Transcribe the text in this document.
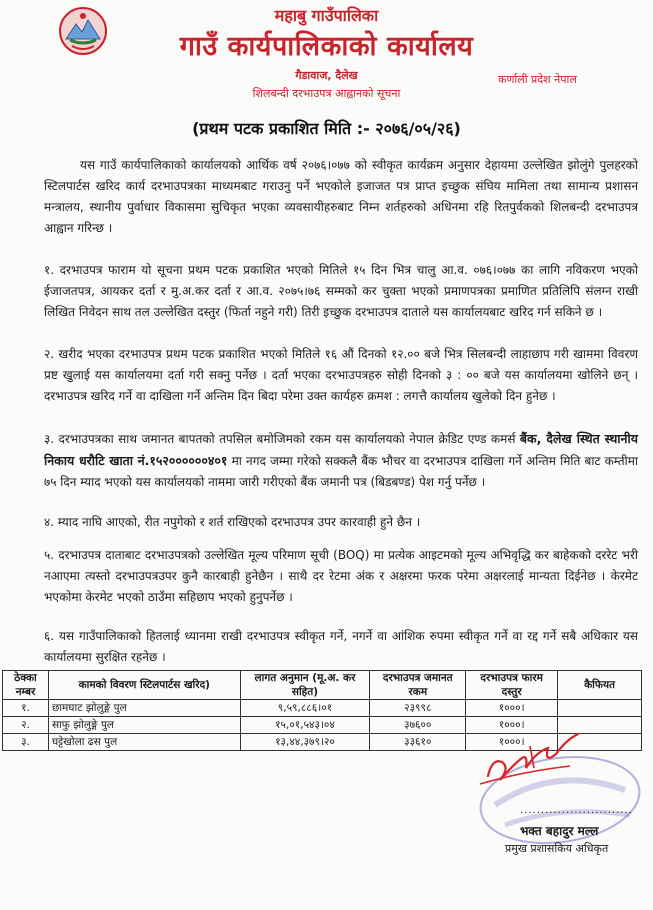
महाबु गाउँपालिका
गाउँ कार्यपालिकाको कार्यालय
गैडावाज, दैलेख	कर्णाली प्रदेश नेपाल
शिलबन्दी दरभाउपत्र आह्वानको सूचना
(प्रथम पटक प्रकाशित मिति :- २०७६/०५/२६)
यस गाउँ कार्यपालिकाको कार्यालयको आर्थिक वर्ष २०७६।०७७ को स्वीकृत कार्यक्रम अनुसार देहायमा उल्लेखित झोलुंगे पुलहरको स्टिलपार्टस खरिद कार्य दरभाउपत्रका माध्यमबाट गराउनु पर्ने भएकोले इजाजत पत्र प्राप्त इच्छुक संघिय मामिला तथा सामान्य प्रशासन मन्त्रालय, स्थानीय पुर्वाधार विकासमा सुचिकृत भएका व्यवसायीहरुबाट निम्न शर्तहरुको अधिनमा रहि रितपुर्वकको शिलबन्दी दरभाउपत्र आह्वान गरिन्छ ।
१. दरभाउपत्र फाराम यो सूचना प्रथम पटक प्रकाशित भएको मितिले १५ दिन भित्र चालु आ.व. ०७६।०७७ का लागि नविकरण भएको ईजाजतपत्र, आयकर दर्ता र मु.अ.कर दर्ता र आ.व. २०७५।७६ सम्मको कर चुक्ता भएको प्रमाणपत्रका प्रमाणित प्रतिलिपि संलग्न राखी लिखित निवेदन साथ तल उल्लेखित दस्तुर (फिर्ता नहुने गरी) तिरी इच्छुक दरभाउपत्र दाताले यस कार्यालयबाट खरिद गर्न सकिने छ ।
२. खरीद भएका दरभाउपत्र प्रथम पटक प्रकाशित भएको मितिले १६ औं दिनको १२.०० बजे भित्र सिलबन्दी लाहाछाप गरी खाममा विवरण प्रष्ट खुलाई यस कार्यालयमा दर्ता गरी सक्नु पर्नेछ । दर्ता भएका दरभाउपत्रहरु सोही दिनको ३ : ०० बजे यस कार्यालयमा खोलिने छन् । दरभाउपत्र खरिद गर्ने वा दाखिला गर्ने अन्तिम दिन बिदा परेमा उक्त कार्यहरु क्रमश : लगत्तै कार्यालय खुलेको दिन हुनेछ ।
३. दरभाउपत्रका साथ जमानत बापतको तपसिल बमोजिमको रकम यस कार्यालयको नेपाल क्रेडिट एण्ड कमर्स बैंक, दैलेख स्थित स्थानीय निकाय धरौटि खाता नं.१५२००००००४०१ मा नगद जम्मा गरेको सक्कलै बैंक भौचर वा दरभाउपत्र दाखिला गर्ने अन्तिम मिति बाट कम्तीमा ७५ दिन म्याद भएको यस कार्यालयको नाममा जारी गरीएको बैंक जमानी पत्र (बिडबण्ड) पेश गर्नु पर्नेछ ।
४. म्याद नाघि आएको, रीत नपुगेको र शर्त राखिएको दरभाउपत्र उपर कारवाही हुने छैन ।
५. दरभाउपत्र दाताबाट दरभाउपत्रको उल्लेखित मूल्य परिमाण सूची (BOQ) मा प्रत्येक आइटमको मूल्य अभिवृद्धि कर बाहेकको दररेट भरी नआएमा त्यस्तो दरभाउपत्रउपर कुनै कारबाही हुनेछैन । साथै दर रेटमा अंक र अक्षरमा फरक परेमा अक्षरलाई मान्यता दिईनेछ । केरमेट भएकोमा केरमेट भएको ठाउँमा सहिछाप भएको हुनुपर्नेछ ।
६. यस गाउँपालिकाको हितलाई ध्यानमा राखी दरभाउपत्र स्वीकृत गर्ने, नगर्ने वा आंशिक रुपमा स्वीकृत गर्ने वा रद्द गर्ने सबै अधिकार यस कार्यालयमा सुरक्षित रहनेछ ।
ठेक्का नम्बर	कामको विवरण स्टिलपार्टस खरिद)	लागत अनुमान (मू.अ. कर सहित)	दरभाउपत्र जमानत रकम	दरभाउपत्र फारम दस्तुर	कैफियत
१.	छामघाट झोलुङ्गे पुल	९,५९,८८६।०१	२३९९८	१०००।	
२.	साफु झोलुङ्गे पुल	१५,०१,५४३।०४	३७६००	१०००।	
३.	घट्टेखोला ढस पुल	१३,४४,३७९।२०	३३६१०	१०००।	
...........................
भक्त बहादुर मल्ल
प्रमुख प्रशासकिय अधिकृत
